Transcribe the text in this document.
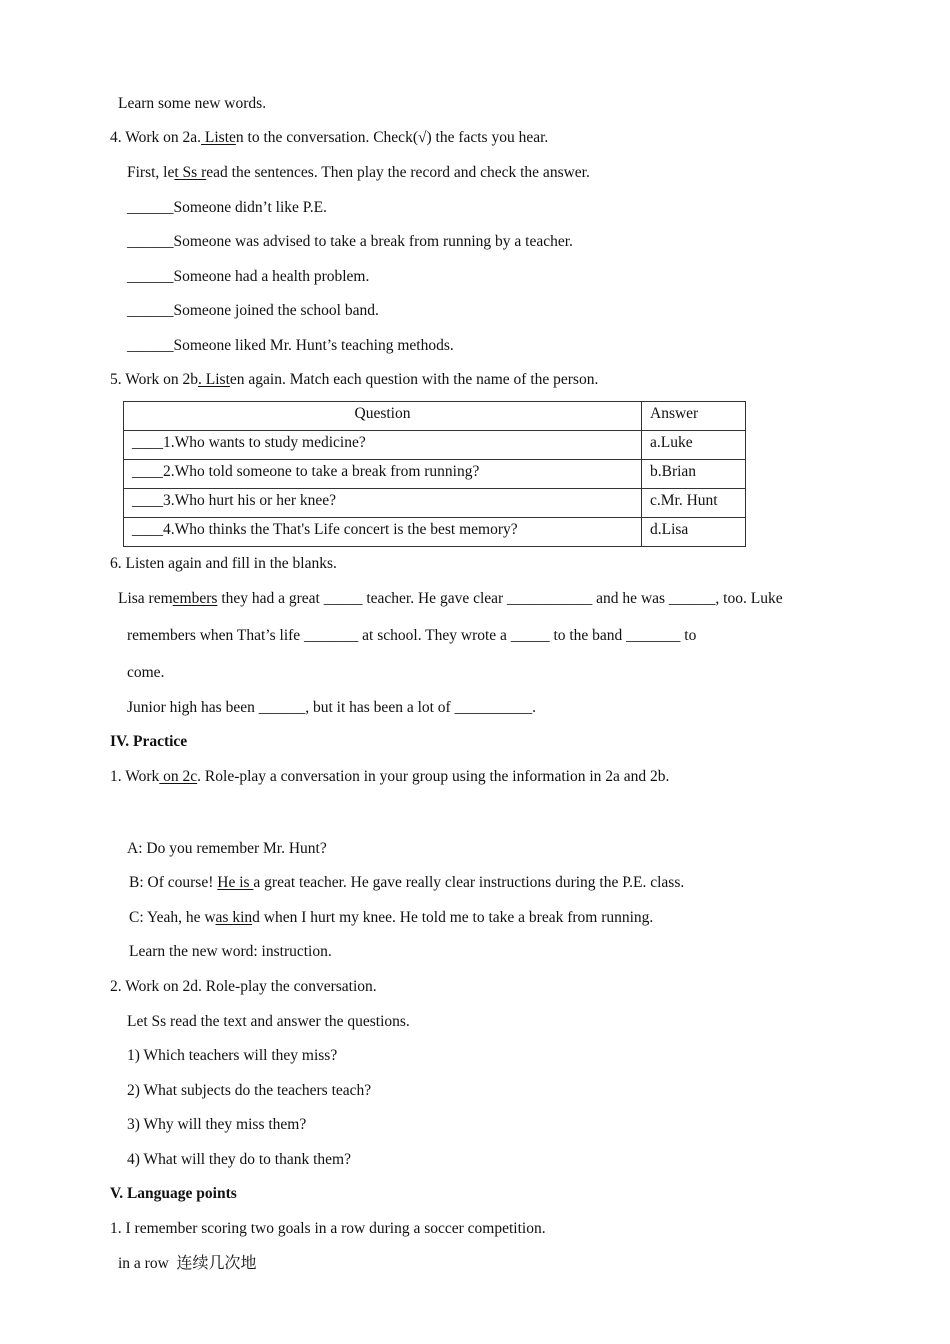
Learn some new words.
4. Work on 2a. Listen to the conversation. Check(√) the facts you hear.
First, let Ss read the sentences. Then play the record and check the answer.
______Someone didn’t like P.E.
______Someone was advised to take a break from running by a teacher.
______Someone had a health problem.
______Someone joined the school band.
______Someone liked Mr. Hunt’s teaching methods.
5. Work on 2b. Listen again. Match each question with the name of the person.
Question	Answer
____1.Who wants to study medicine?	a.Luke
____2.Who told someone to take a break from running?	b.Brian
____3.Who hurt his or her knee?	c.Mr. Hunt
____4.Who thinks the That's Life concert is the best memory?	d.Lisa
6. Listen again and fill in the blanks.
Lisa remembers they had a great _____ teacher. He gave clear ___________ and he was ______, too. Luke
remembers when That’s life _______ at school. They wrote a _____ to the band _______ to
come.
Junior high has been ______, but it has been a lot of __________.
IV. Practice
1. Work on 2c. Role-play a conversation in your group using the information in 2a and 2b.
A: Do you remember Mr. Hunt?
B: Of course! He is a great teacher. He gave really clear instructions during the P.E. class.
C: Yeah, he was kind when I hurt my knee. He told me to take a break from running.
Learn the new word: instruction.
2. Work on 2d. Role-play the conversation.
Let Ss read the text and answer the questions.
1) Which teachers will they miss?
2) What subjects do the teachers teach?
3) Why will they miss them?
4) What will they do to thank them?
V. Language points
1. I remember scoring two goals in a row during a soccer competition.
in a row 连续几次地
